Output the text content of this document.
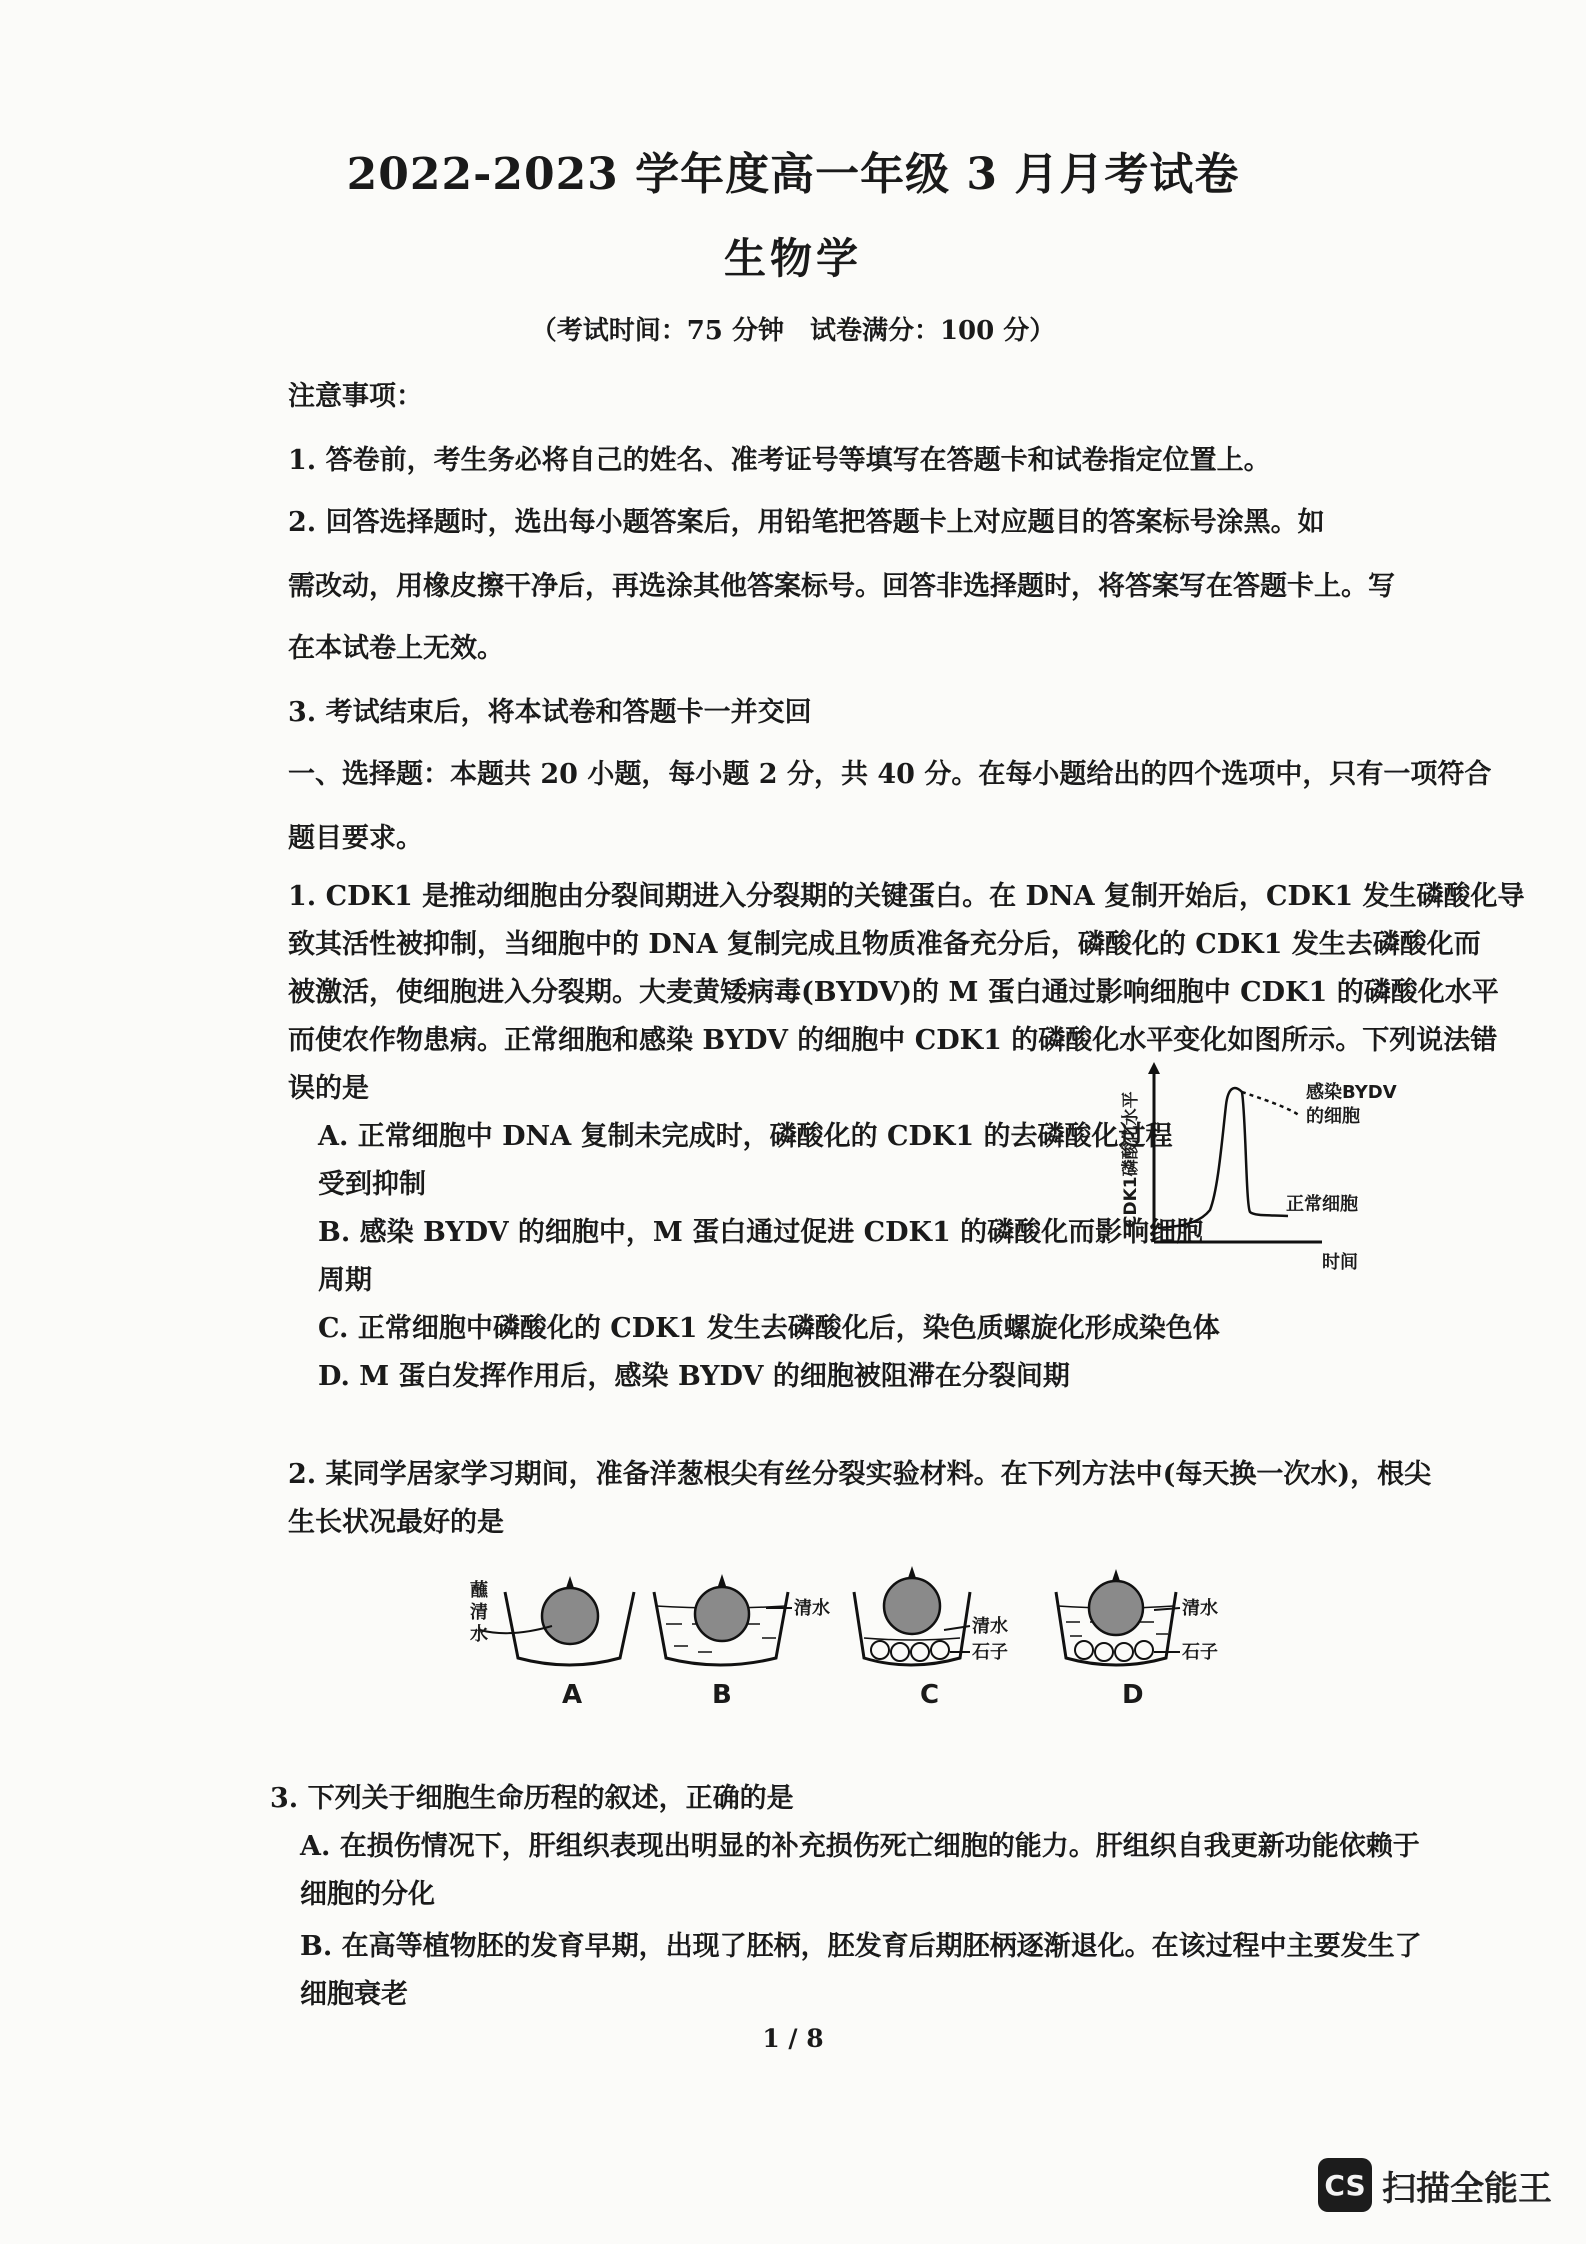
2022-2023 学年度高一年级 3 月月考试卷
生物学
（考试时间：75 分钟　试卷满分：100 分）
注意事项：
1. 答卷前，考生务必将自己的姓名、准考证号等填写在答题卡和试卷指定位置上。
2. 回答选择题时，选出每小题答案后，用铅笔把答题卡上对应题目的答案标号涂黑。如
需改动，用橡皮擦干净后，再选涂其他答案标号。回答非选择题时，将答案写在答题卡上。写
在本试卷上无效。
3. 考试结束后，将本试卷和答题卡一并交回
一、选择题：本题共 20 小题，每小题 2 分，共 40 分。在每小题给出的四个选项中，只有一项符合
题目要求。
1. CDK1 是推动细胞由分裂间期进入分裂期的关键蛋白。在 DNA 复制开始后，CDK1 发生磷酸化导
致其活性被抑制，当细胞中的 DNA 复制完成且物质准备充分后，磷酸化的 CDK1 发生去磷酸化而
被激活，使细胞进入分裂期。大麦黄矮病毒(BYDV)的 M 蛋白通过影响细胞中 CDK1 的磷酸化水平
而使农作物患病。正常细胞和感染 BYDV 的细胞中 CDK1 的磷酸化水平变化如图所示。下列说法错
误的是
A. 正常细胞中 DNA 复制未完成时，磷酸化的 CDK1 的去磷酸化过程
受到抑制
B. 感染 BYDV 的细胞中，M 蛋白通过促进 CDK1 的磷酸化而影响细胞
周期
C. 正常细胞中磷酸化的 CDK1 发生去磷酸化后，染色质螺旋化形成染色体
D. M 蛋白发挥作用后，感染 BYDV 的细胞被阻滞在分裂间期
CDK1磷酸化水平	感染BYDV
的细胞
正常细胞
时间
2. 某同学居家学习期间，准备洋葱根尖有丝分裂实验材料。在下列方法中(每天换一次水)，根尖
生长状况最好的是
蘸
清
水
A
清水
B
清水
石子
C
清水
石子
D
3. 下列关于细胞生命历程的叙述，正确的是
A. 在损伤情况下，肝组织表现出明显的补充损伤死亡细胞的能力。肝组织自我更新功能依赖于
细胞的分化
B. 在高等植物胚的发育早期，出现了胚柄，胚发育后期胚柄逐渐退化。在该过程中主要发生了
细胞衰老
1 / 8
CS 扫描全能王
